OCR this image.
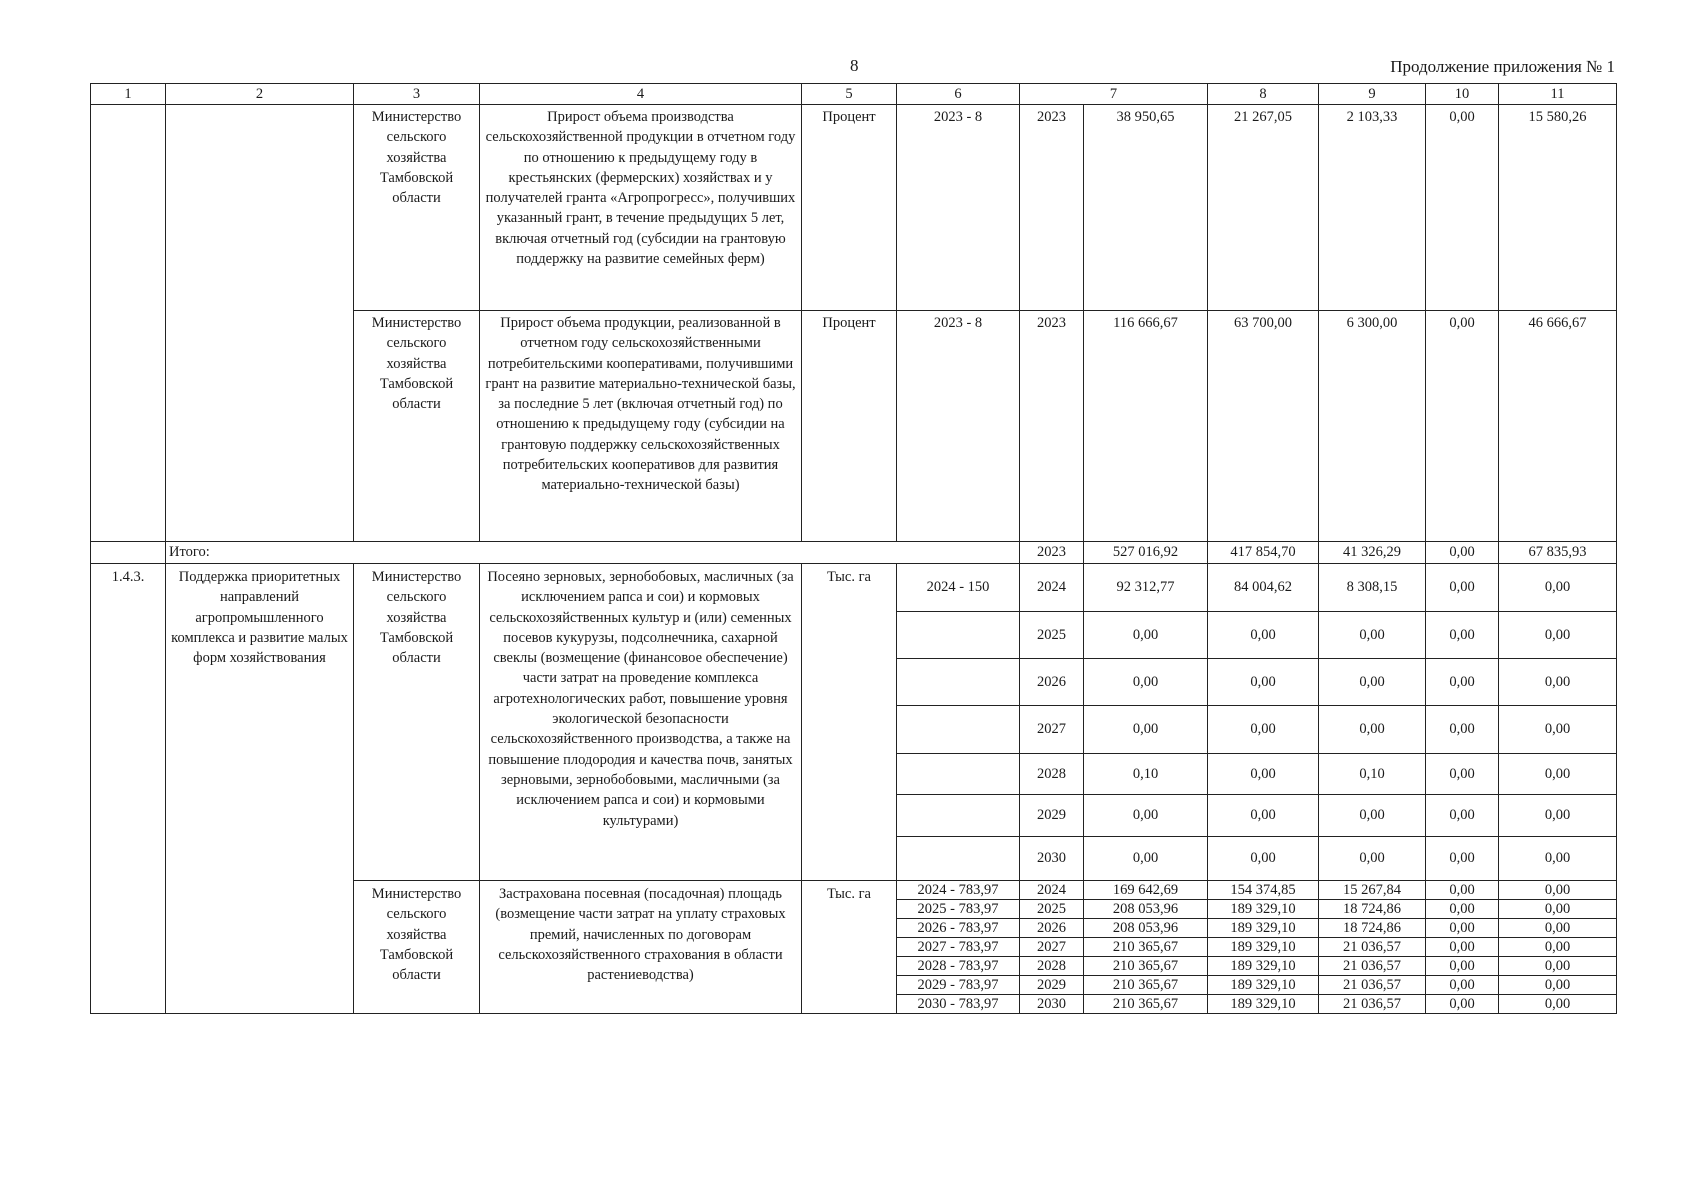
8	Продолжение приложения № 1
1	2	3	4	5	6	7		8	9	10	11
		Министерство сельского хозяйства Тамбовской области	Прирост объема производства сельскохозяйственной продукции в отчетном году по отношению к предыдущему году в крестьянских (фермерских) хозяйствах и у получателей гранта «Агропрогресс», получивших указанный грант, в течение предыдущих 5 лет, включая отчетный год (субсидии на грантовую поддержку на развитие семейных ферм)	Процент	2023 - 8	2023	38 950,65	21 267,05	2 103,33	0,00	15 580,26
		Министерство сельского хозяйства Тамбовской области	Прирост объема продукции, реализованной в отчетном году сельскохозяйственными потребительскими кооперативами, получившими грант на развитие материально-технической базы, за последние 5 лет (включая отчетный год) по отношению к предыдущему году (субсидии на грантовую поддержку сельскохозяйственных потребительских кооперативов для развития материально-технической базы)	Процент	2023 - 8	2023	116 666,67	63 700,00	6 300,00	0,00	46 666,67
	Итого:					2023	527 016,92	417 854,70	41 326,29	0,00	67 835,93
1.4.3.	Поддержка приоритетных направлений агропромышленного комплекса и развитие малых форм хозяйствования	Министерство сельского хозяйства Тамбовской области	Посеяно зерновых, зернобобовых, масличных (за исключением рапса и сои) и кормовых сельскохозяйственных культур и (или) семенных посевов кукурузы, подсолнечника, сахарной свеклы (возмещение (финансовое обеспечение) части затрат на проведение комплекса агротехнологических работ, повышение уровня экологической безопасности сельскохозяйственного производства, а также на повышение плодородия и качества почв, занятых зерновыми, зернобобовыми, масличными (за исключением рапса и сои) и кормовыми культурами)	Тыс. га	2024 - 150	2024	92 312,77	84 004,62	8 308,15	0,00	0,00
						2025	0,00	0,00	0,00	0,00	0,00
						2026	0,00	0,00	0,00	0,00	0,00
						2027	0,00	0,00	0,00	0,00	0,00
						2028	0,10	0,00	0,10	0,00	0,00
						2029	0,00	0,00	0,00	0,00	0,00
						2030	0,00	0,00	0,00	0,00	0,00
		Министерство сельского хозяйства Тамбовской области	Застрахована посевная (посадочная) площадь (возмещение части затрат на уплату страховых премий, начисленных по договорам сельскохозяйственного страхования в области растениеводства)	Тыс. га	2024 - 783,97	2024	169 642,69	154 374,85	15 267,84	0,00	0,00
					2025 - 783,97	2025	208 053,96	189 329,10	18 724,86	0,00	0,00
					2026 - 783,97	2026	208 053,96	189 329,10	18 724,86	0,00	0,00
					2027 - 783,97	2027	210 365,67	189 329,10	21 036,57	0,00	0,00
					2028 - 783,97	2028	210 365,67	189 329,10	21 036,57	0,00	0,00
					2029 - 783,97	2029	210 365,67	189 329,10	21 036,57	0,00	0,00
					2030 - 783,97	2030	210 365,67	189 329,10	21 036,57	0,00	0,00
